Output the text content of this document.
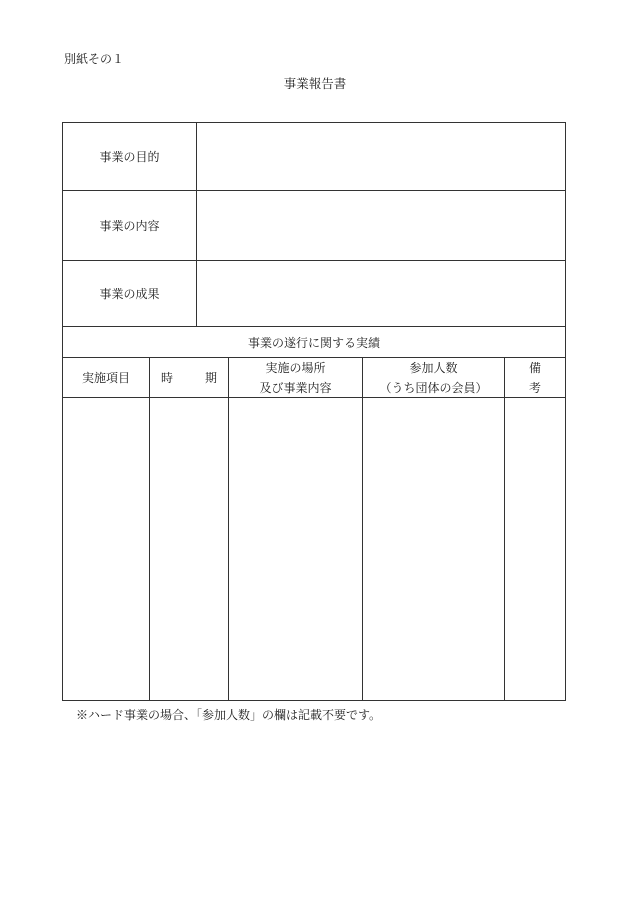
別紙その１
事業報告書
事業の目的
事業の内容
事業の成果
事業の遂行に関する実績
実施項目	時　期
実施の場所
及び事業内容
参加人数
（うち団体の会員）
備　考
※ハード事業の場合、「参加人数」の欄は記載不要です。
